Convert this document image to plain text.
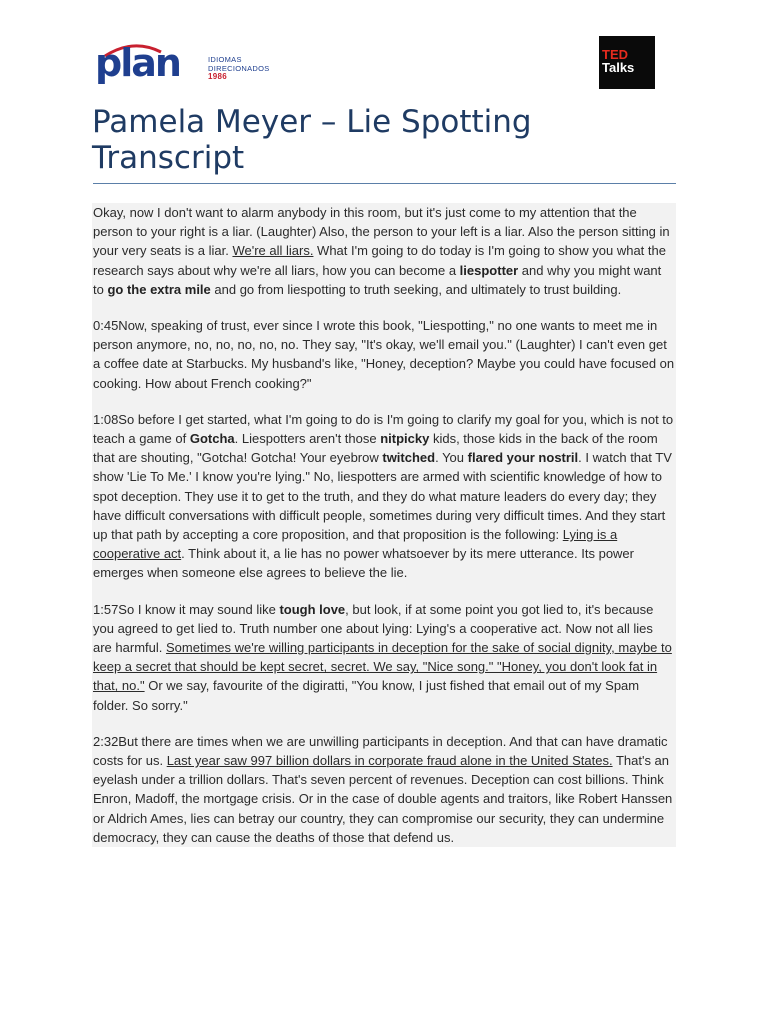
plan	IDIOMAS
DIRECIONADOS
1986
TED
Talks
Pamela Meyer – Lie Spotting Transcript

Okay, now I don't want to alarm anybody in this room, but it's just come to my attention that the person to your right is a liar. (Laughter) Also, the person to your left is a liar. Also the person sitting in your very seats is a liar. We're all liars. What I'm going to do today is I'm going to show you what the research says about why we're all liars, how you can become a liespotter and why you might want to go the extra mile and go from liespotting to truth seeking, and ultimately to trust building.

0:45Now, speaking of trust, ever since I wrote this book, "Liespotting," no one wants to meet me in person anymore, no, no, no, no, no. They say, "It's okay, we'll email you." (Laughter) I can't even get a coffee date at Starbucks. My husband's like, "Honey, deception? Maybe you could have focused on cooking. How about French cooking?"

1:08So before I get started, what I'm going to do is I'm going to clarify my goal for you, which is not to teach a game of Gotcha. Liespotters aren't those nitpicky kids, those kids in the back of the room that are shouting, "Gotcha! Gotcha! Your eyebrow twitched. You flared your nostril. I watch that TV show 'Lie To Me.' I know you're lying." No, liespotters are armed with scientific knowledge of how to spot deception. They use it to get to the truth, and they do what mature leaders do every day; they have difficult conversations with difficult people, sometimes during very difficult times. And they start up that path by accepting a core proposition, and that proposition is the following: Lying is a cooperative act. Think about it, a lie has no power whatsoever by its mere utterance. Its power emerges when someone else agrees to believe the lie.

1:57So I know it may sound like tough love, but look, if at some point you got lied to, it's because you agreed to get lied to. Truth number one about lying: Lying's a cooperative act. Now not all lies are harmful. Sometimes we're willing participants in deception for the sake of social dignity, maybe to keep a secret that should be kept secret, secret. We say, "Nice song." "Honey, you don't look fat in that, no." Or we say, favourite of the digiratti, "You know, I just fished that email out of my Spam folder. So sorry."

2:32But there are times when we are unwilling participants in deception. And that can have dramatic costs for us. Last year saw 997 billion dollars in corporate fraud alone in the United States. That's an eyelash under a trillion dollars. That's seven percent of revenues. Deception can cost billions. Think Enron, Madoff, the mortgage crisis. Or in the case of double agents and traitors, like Robert Hanssen or Aldrich Ames, lies can betray our country, they can compromise our security, they can undermine democracy, they can cause the deaths of those that defend us.
